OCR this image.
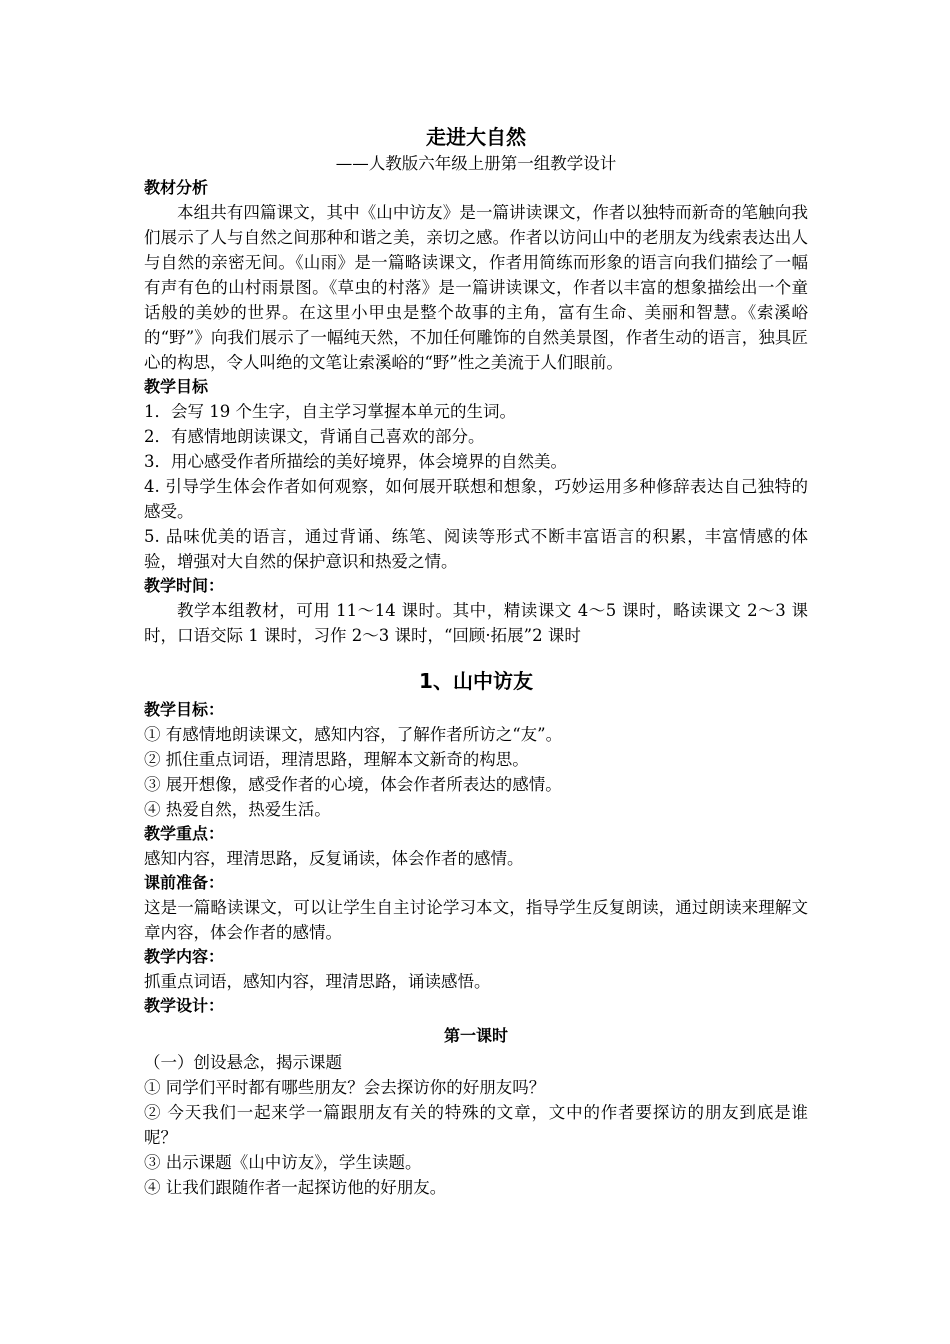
走进大自然
——人教版六年级上册第一组教学设计
教材分析

本组共有四篇课文，其中《山中访友》是一篇讲读课文，作者以独特而新奇的笔触向我们展示了人与自然之间那种和谐之美，亲切之感。作者以访问山中的老朋友为线索表达出人与自然的亲密无间。《山雨》是一篇略读课文，作者用简练而形象的语言向我们描绘了一幅有声有色的山村雨景图。《草虫的村落》是一篇讲读课文，作者以丰富的想象描绘出一个童话般的美妙的世界。在这里小甲虫是整个故事的主角，富有生命、美丽和智慧。《索溪峪的“野”》向我们展示了一幅纯天然，不加任何雕饰的自然美景图，作者生动的语言，独具匠心的构思，令人叫绝的文笔让索溪峪的“野”性之美流于人们眼前。

教学目标

1．会写 19 个生字，自主学习掌握本单元的生词。

2．有感情地朗读课文，背诵自己喜欢的部分。

3．用心感受作者所描绘的美好境界，体会境界的自然美。

4. 引导学生体会作者如何观察，如何展开联想和想象，巧妙运用多种修辞表达自己独特的感受。

5. 品味优美的语言，通过背诵、练笔、阅读等形式不断丰富语言的积累，丰富情感的体验，增强对大自然的保护意识和热爱之情。

教学时间：

教学本组教材，可用 11～14 课时。其中，精读课文 4～5 课时，略读课文 2～3 课时，口语交际 1 课时，习作 2～3 课时，“回顾·拓展”2 课时

1、山中访友
教学目标：

① 有感情地朗读课文，感知内容，了解作者所访之“友”。

② 抓住重点词语，理清思路，理解本文新奇的构思。

③ 展开想像，感受作者的心境，体会作者所表达的感情。

④ 热爱自然，热爱生活。

教学重点：

感知内容，理清思路，反复诵读，体会作者的感情。

课前准备：

这是一篇略读课文，可以让学生自主讨论学习本文，指导学生反复朗读，通过朗读来理解文章内容，体会作者的感情。

教学内容：

抓重点词语，感知内容，理清思路，诵读感悟。

教学设计：
第一课时

（一）创设悬念，揭示课题

① 同学们平时都有哪些朋友？会去探访你的好朋友吗？

② 今天我们一起来学一篇跟朋友有关的特殊的文章，文中的作者要探访的朋友到底是谁呢？

③ 出示课题《山中访友》，学生读题。

④ 让我们跟随作者一起探访他的好朋友。
